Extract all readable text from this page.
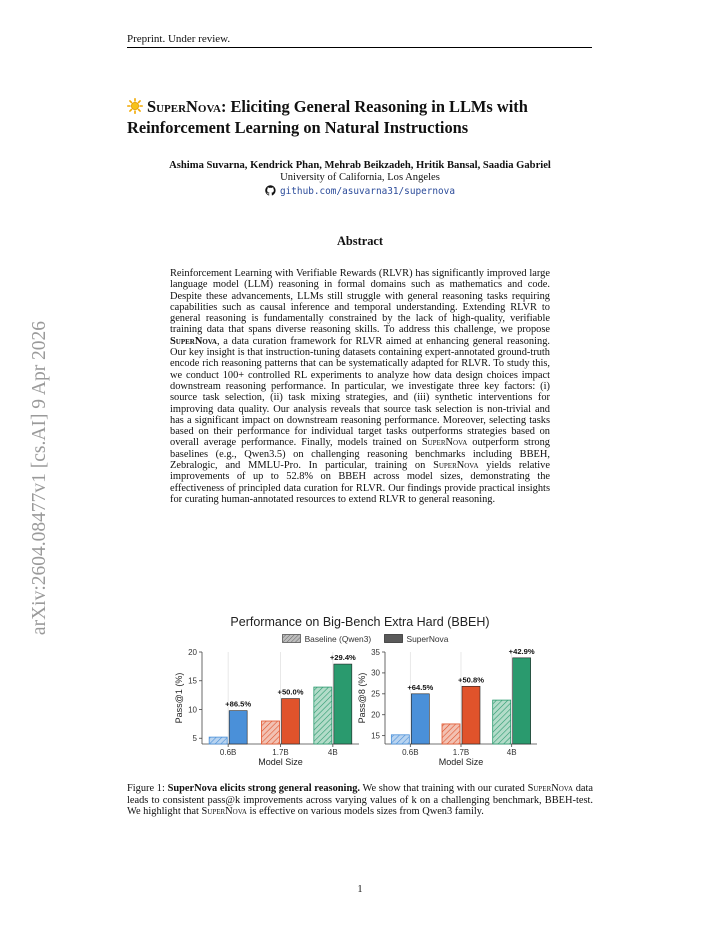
Preprint. Under review.
arXiv:2604.08477v1 [cs.AI] 9 Apr 2026
SuperNova: Eliciting General Reasoning in LLMs with Reinforcement Learning on Natural Instructions
Ashima Suvarna, Kendrick Phan, Mehrab Beikzadeh, Hritik Bansal, Saadia Gabriel
University of California, Los Angeles
github.com/asuvarna31/supernova
Abstract
Reinforcement Learning with Verifiable Rewards (RLVR) has significantly improved large language model (LLM) reasoning in formal domains such as mathematics and code. Despite these advancements, LLMs still struggle with general reasoning tasks requiring capabilities such as causal inference and temporal understanding. Extending RLVR to general reasoning is fundamentally constrained by the lack of high-quality, verifiable training data that spans diverse reasoning skills. To address this challenge, we propose SuperNova, a data curation framework for RLVR aimed at enhancing general reasoning. Our key insight is that instruction-tuning datasets containing expert-annotated ground-truth encode rich reasoning patterns that can be systematically adapted for RLVR. To study this, we conduct 100+ controlled RL experiments to analyze how data design choices impact downstream reasoning performance. In particular, we investigate three key factors: (i) source task selection, (ii) task mixing strategies, and (iii) synthetic interventions for improving data quality. Our analysis reveals that source task selection is non-trivial and has a significant impact on downstream reasoning performance. Moreover, selecting tasks based on their performance for individual target tasks outperforms strategies based on overall average performance. Finally, models trained on SuperNova outperform strong baselines (e.g., Qwen3.5) on challenging reasoning benchmarks including BBEH, Zebralogic, and MMLU-Pro. In particular, training on SuperNova yields relative improvements of up to 52.8% on BBEH across model sizes, demonstrating the effectiveness of principled data curation for RLVR. Our findings provide practical insights for curating human-annotated resources to extend RLVR to general reasoning.
Performance on Big-Bench Extra Hard (BBEH)
Baseline (Qwen3)	SuperNova
5
10
15
20
+86.5%
0.6B
+50.0%
1.7B
+29.4%
4B
Model Size
Pass@1 (%)
15
20
25
30
35
+64.5%
0.6B
+50.8%
1.7B
+42.9%
4B
Model Size
Pass@8 (%)
Figure 1: SuperNova elicits strong general reasoning. We show that training with our curated SuperNova data leads to consistent pass@k improvements across varying values of k on a challenging benchmark, BBEH-test. We highlight that SuperNova is effective on various models sizes from Qwen3 family.
1
